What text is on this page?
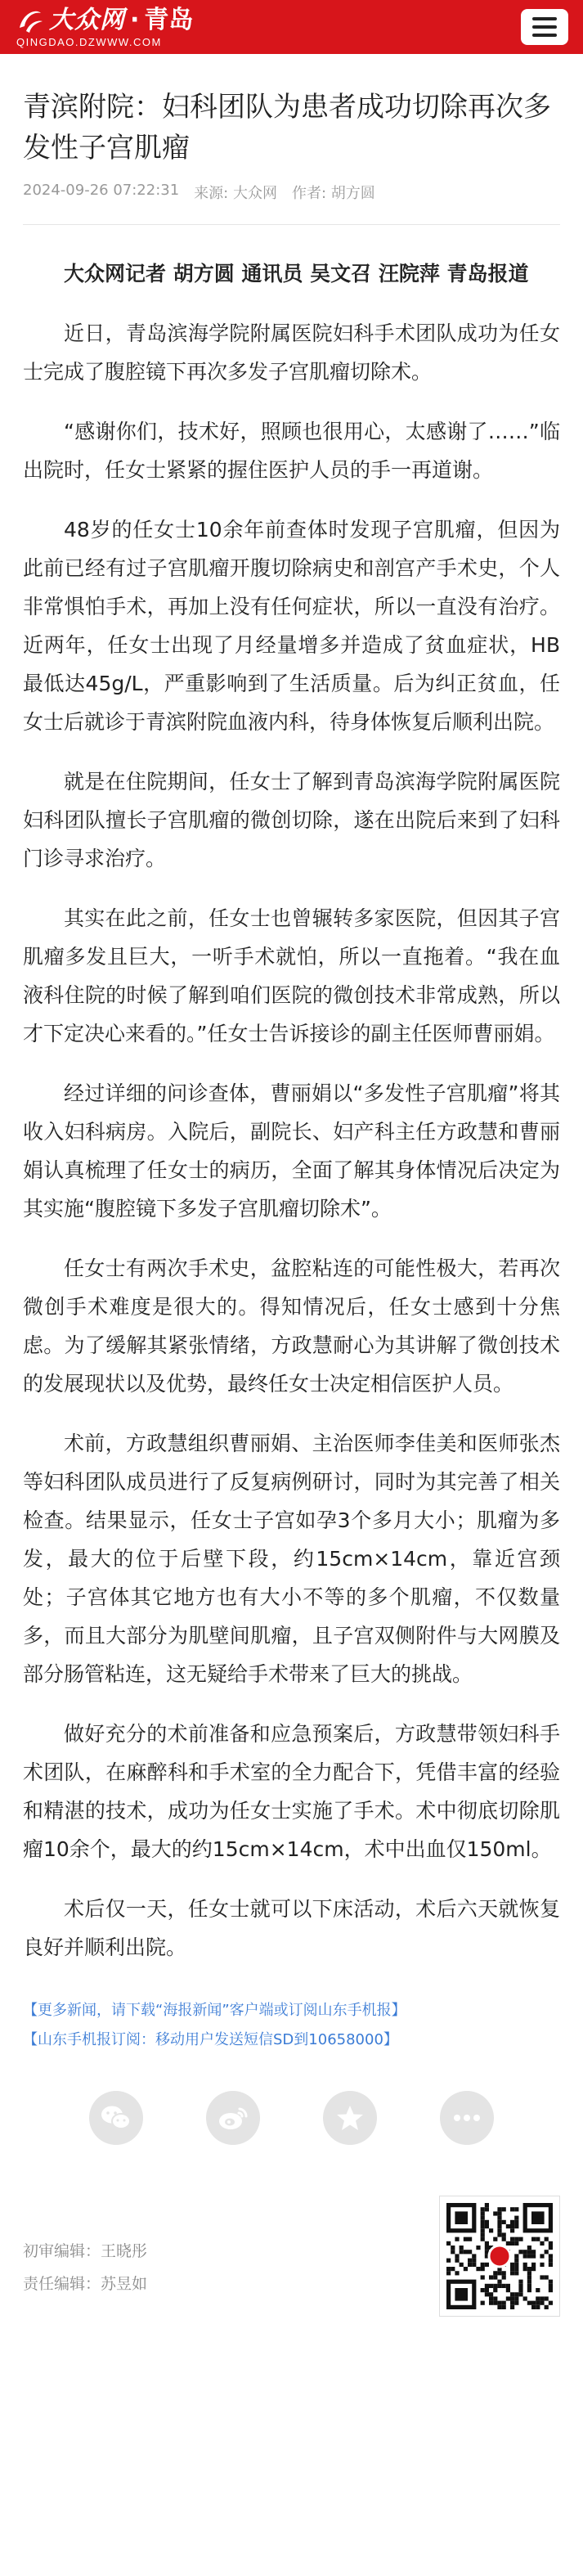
大众网 · 青岛
QINGDAO.DZWWW.COM
青滨附院：妇科团队为患者成功切除再次多发性子宫肌瘤
2024-09-26 07:22:31 来源: 大众网 作者: 胡方圆

大众网记者 胡方圆 通讯员 吴文召 汪院萍 青岛报道

近日，青岛滨海学院附属医院妇科手术团队成功为任女士完成了腹腔镜下再次多发子宫肌瘤切除术。

“感谢你们，技术好，照顾也很用心，太感谢了……”临出院时，任女士紧紧的握住医护人员的手一再道谢。

48岁的任女士10余年前查体时发现子宫肌瘤，但因为此前已经有过子宫肌瘤开腹切除病史和剖宫产手术史，个人非常惧怕手术，再加上没有任何症状，所以一直没有治疗。近两年，任女士出现了月经量增多并造成了贫血症状，HB最低达45g/L，严重影响到了生活质量。后为纠正贫血，任女士后就诊于青滨附院血液内科，待身体恢复后顺利出院。

就是在住院期间，任女士了解到青岛滨海学院附属医院妇科团队擅长子宫肌瘤的微创切除，遂在出院后来到了妇科门诊寻求治疗。

其实在此之前，任女士也曾辗转多家医院，但因其子宫肌瘤多发且巨大，一听手术就怕，所以一直拖着。“我在血液科住院的时候了解到咱们医院的微创技术非常成熟，所以才下定决心来看的。”任女士告诉接诊的副主任医师曹丽娟。

经过详细的问诊查体，曹丽娟以“多发性子宫肌瘤”将其收入妇科病房。入院后，副院长、妇产科主任方政慧和曹丽娟认真梳理了任女士的病历，全面了解其身体情况后决定为其实施“腹腔镜下多发子宫肌瘤切除术”。

任女士有两次手术史，盆腔粘连的可能性极大，若再次微创手术难度是很大的。得知情况后，任女士感到十分焦虑。为了缓解其紧张情绪，方政慧耐心为其讲解了微创技术的发展现状以及优势，最终任女士决定相信医护人员。

术前，方政慧组织曹丽娟、主治医师李佳美和医师张杰等妇科团队成员进行了反复病例研讨，同时为其完善了相关检查。结果显示，任女士子宫如孕3个多月大小；肌瘤为多发，最大的位于后壁下段，约15cm×14cm，靠近宫颈处；子宫体其它地方也有大小不等的多个肌瘤，不仅数量多，而且大部分为肌壁间肌瘤，且子宫双侧附件与大网膜及部分肠管粘连，这无疑给手术带来了巨大的挑战。

做好充分的术前准备和应急预案后，方政慧带领妇科手术团队，在麻醉科和手术室的全力配合下，凭借丰富的经验和精湛的技术，成功为任女士实施了手术。术中彻底切除肌瘤10余个，最大的约15cm×14cm，术中出血仅150ml。

术后仅一天，任女士就可以下床活动，术后六天就恢复良好并顺利出院。

【更多新闻，请下载“海报新闻”客户端或订阅山东手机报】
【山东手机报订阅：移动用户发送短信SD到10658000】
初审编辑：王晓彤
责任编辑：苏昱如
